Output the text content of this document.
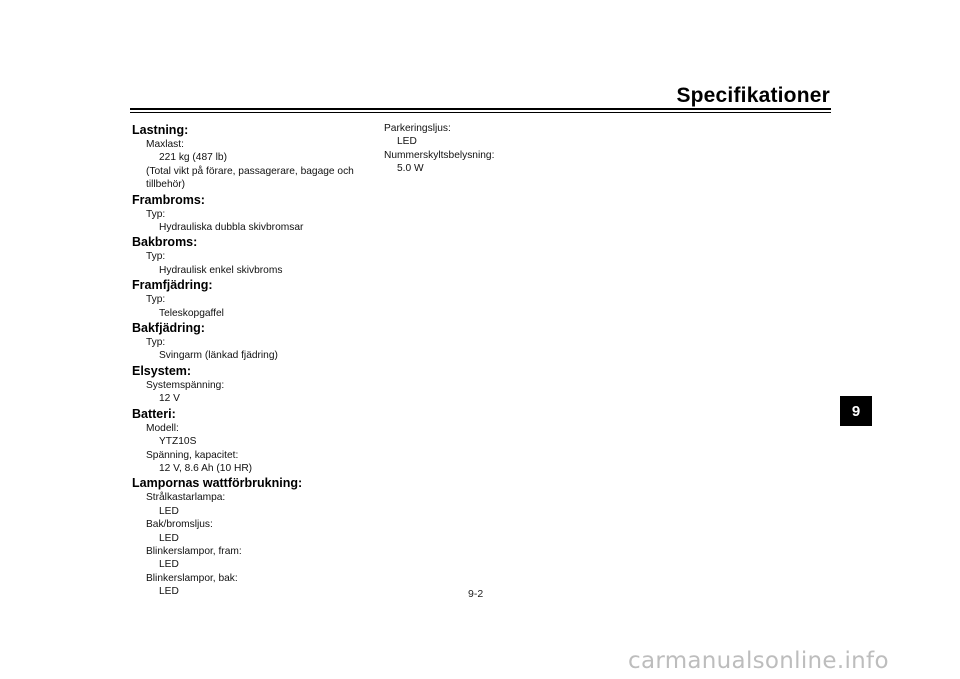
Specifikationer

Lastning:

Maxlast:

221 kg (487 lb)

(Total vikt på förare, passagerare, bagage och tillbehör)

Frambroms:

Typ:

Hydrauliska dubbla skivbromsar

Bakbroms:

Typ:

Hydraulisk enkel skivbroms

Framfjädring:

Typ:

Teleskopgaffel

Bakfjädring:

Typ:

Svingarm (länkad fjädring)

Elsystem:

Systemspänning:

12 V

Batteri:

Modell:

YTZ10S

Spänning, kapacitet:

12 V, 8.6 Ah (10 HR)

Lampornas wattförbrukning:

Strålkastarlampa:

LED

Bak/bromsljus:

LED

Blinkerslampor, fram:

LED

Blinkerslampor, bak:

LED

Parkeringsljus:

LED

Nummerskyltsbelysning:

5.0 W

9-2
9
carmanualsonline.info
